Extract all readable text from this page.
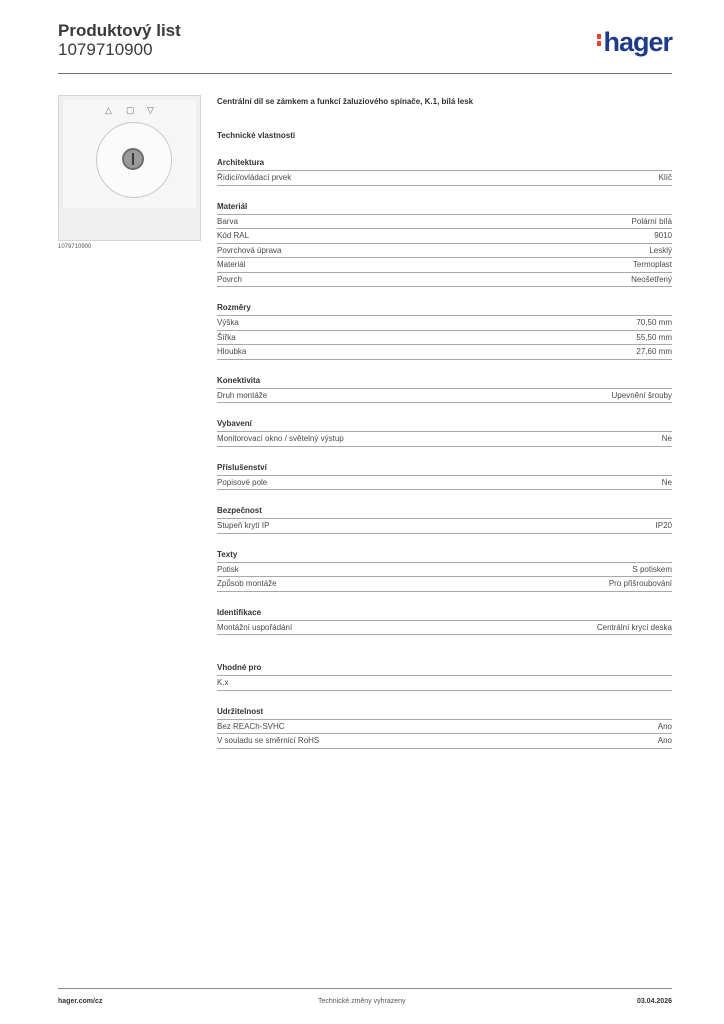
Produktový list
1079710900	hager
△ ▢ ▽
1079710900
Centrální díl se zámkem a funkcí žaluziového spínače, K.1, bílá lesk
Technické vlastnosti
Architektura
Řídicí/ovládací prvek	Klíč
Materiál
Barva	Polární bílá
Kód RAL	9010
Povrchová úprava	Lesklý
Materiál	Termoplast
Povrch	Neošetřený
Rozměry
Výška	70,50 mm
Šířka	55,50 mm
Hloubka	27,60 mm
Konektivita
Druh montáže	Upevnění šrouby
Vybavení
Monitorovací okno / světelný výstup	Ne
Příslušenství
Popisové pole	Ne
Bezpečnost
Stupeň krytí IP	IP20
Texty
Potisk	S potiskem
Způsob montáže	Pro přišroubování
Identifikace
Montážní uspořádání	Centrální krycí deska
Vhodné pro
K.x
Udržitelnost
Bez REACh-SVHC	Ano
V souladu se směrnicí RoHS	Ano
hager.com/cz	Technické změny vyhrazeny	03.04.2026
